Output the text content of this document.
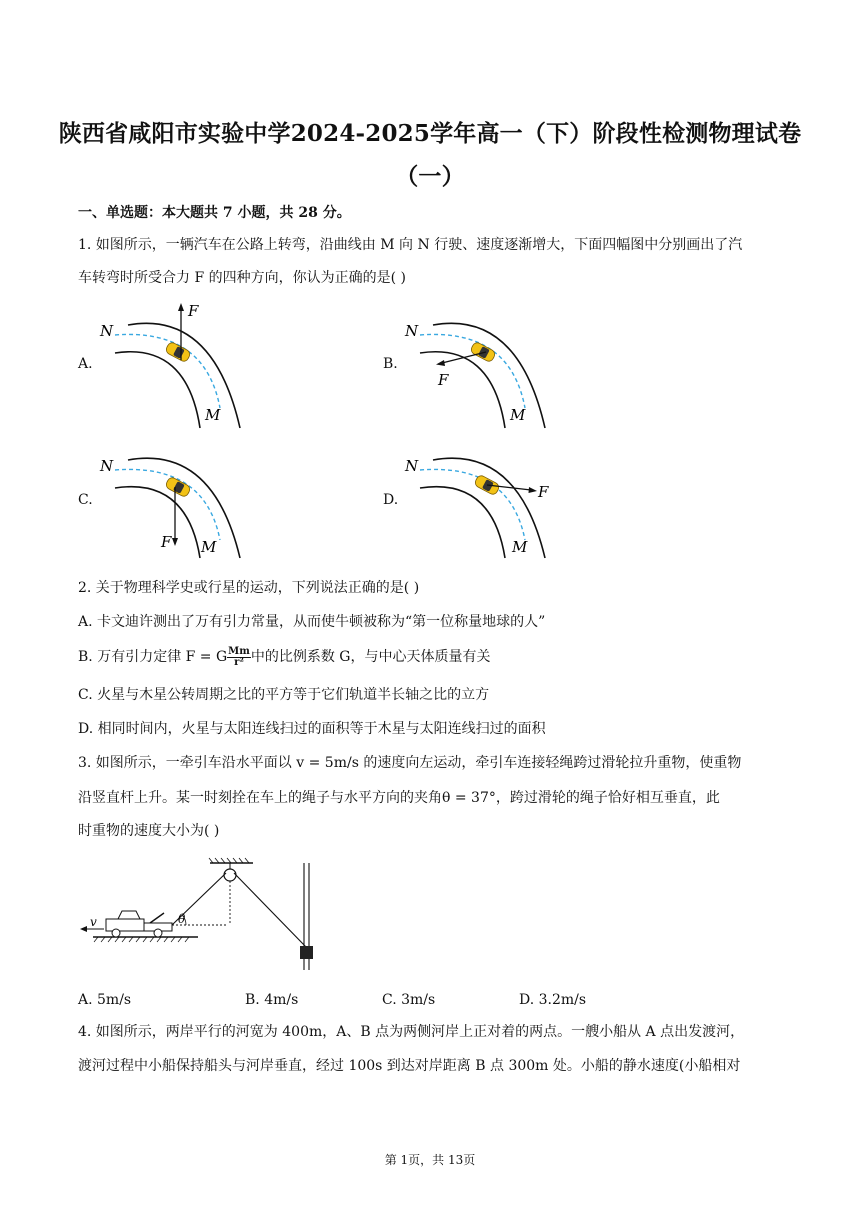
陕西省咸阳市实验中学2024-2025学年高一（下）阶段性检测物理试卷
（一）
一、单选题：本大题共 7 小题，共 28 分。
1. 如图所示，一辆汽车在公路上转弯，沿曲线由 M 向 N 行驶、速度逐渐增大，下面四幅图中分别画出了汽
车转弯时所受合力 F 的四种方向，你认为正确的是( )
A.	B.
C.	D.
F
N
M
F
N
M
F
N
M
F
N
M
2. 关于物理科学史或行星的运动，下列说法正确的是( )
A. 卡文迪许测出了万有引力常量，从而使牛顿被称为“第一位称量地球的人”
B. 万有引力定律 F = G $\frac{Mm}{\text{r²}}$ 中的比例系数 G，与中心天体质量有关
C. 火星与木星公转周期之比的平方等于它们轨道半长轴之比的立方
D. 相同时间内，火星与太阳连线扫过的面积等于木星与太阳连线扫过的面积
3. 如图所示，一牵引车沿水平面以 v = 5m/s 的速度向左运动，牵引车连接轻绳跨过滑轮拉升重物，使重物
沿竖直杆上升。某一时刻拴在车上的绳子与水平方向的夹角θ = 37°，跨过滑轮的绳子恰好相互垂直，此
时重物的速度大小为( )
v	θ
A. 5m/s	B. 4m/s	C. 3m/s	D. 3.2m/s
4. 如图所示，两岸平行的河宽为 400m，A、B 点为两侧河岸上正对着的两点。一艘小船从 A 点出发渡河，
渡河过程中小船保持船头与河岸垂直，经过 100s 到达对岸距离 B 点 300m 处。小船的静水速度(小船相对
第 1页，共 13页
